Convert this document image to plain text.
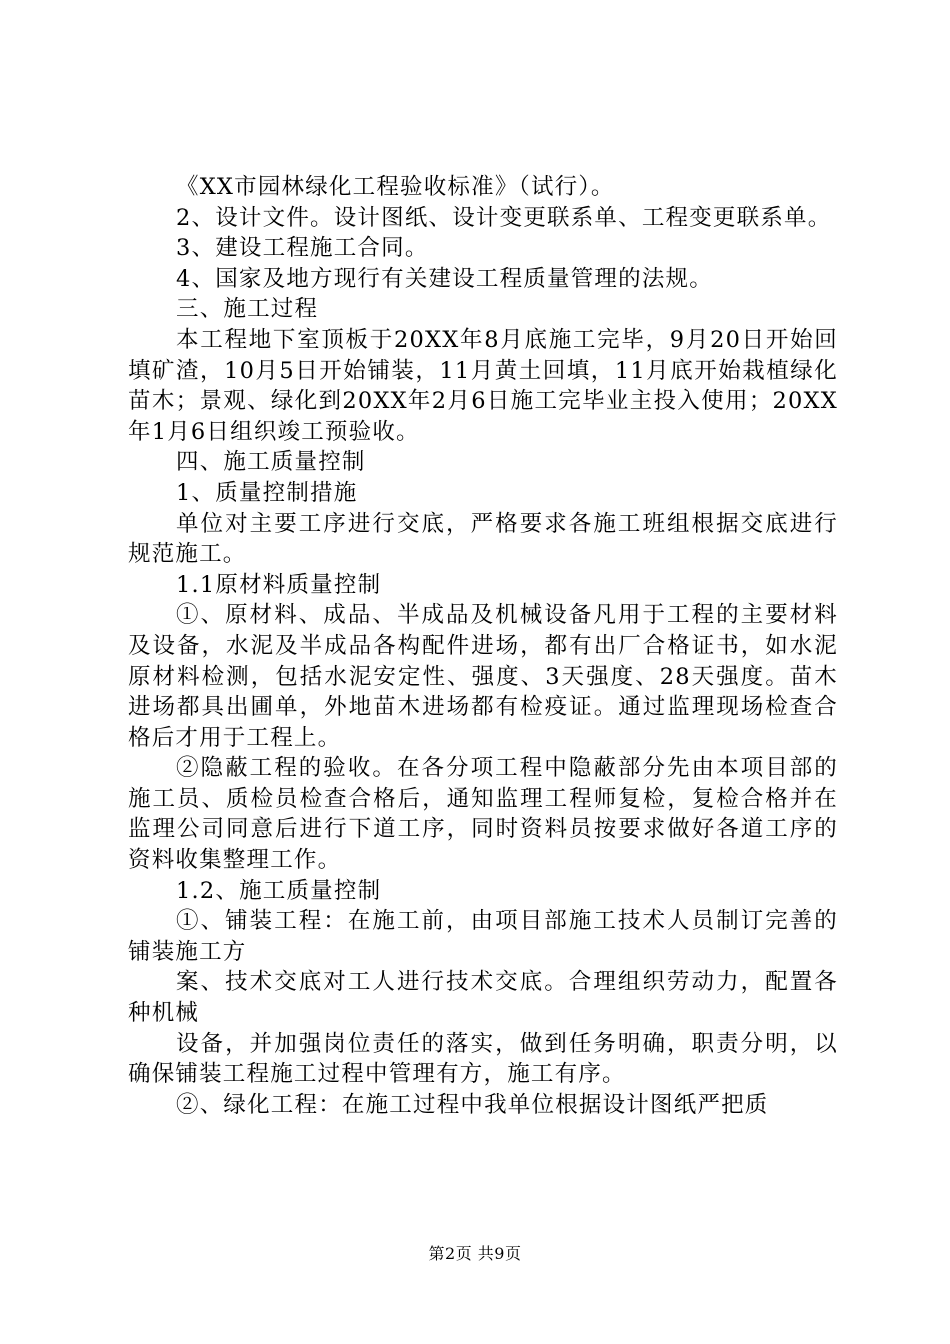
《XX市园林绿化工程验收标准》（试行）。

2、设计文件。设计图纸、设计变更联系单、工程变更联系单。

3、建设工程施工合同。

4、国家及地方现行有关建设工程质量管理的法规。

三、施工过程

本工程地下室顶板于20XX年8月底施工完毕，9月20日开始回填矿渣，10月5日开始铺装，11月黄土回填，11月底开始栽植绿化苗木；景观、绿化到20XX年2月6日施工完毕业主投入使用；20XX年1月6日组织竣工预验收。

四、施工质量控制

1、质量控制措施

单位对主要工序进行交底，严格要求各施工班组根据交底进行规范施工。

1.1原材料质量控制

①、原材料、成品、半成品及机械设备凡用于工程的主要材料及设备，水泥及半成品各构配件进场，都有出厂合格证书，如水泥原材料检测，包括水泥安定性、强度、3天强度、28天强度。苗木进场都具出圃单，外地苗木进场都有检疫证。通过监理现场检查合格后才用于工程上。

②隐蔽工程的验收。在各分项工程中隐蔽部分先由本项目部的施工员、质检员检查合格后，通知监理工程师复检，复检合格并在监理公司同意后进行下道工序，同时资料员按要求做好各道工序的资料收集整理工作。

1.2、施工质量控制

①、铺装工程：在施工前，由项目部施工技术人员制订完善的铺装施工方

案、技术交底对工人进行技术交底。合理组织劳动力，配置各种机械

设备，并加强岗位责任的落实，做到任务明确，职责分明，以确保铺装工程施工过程中管理有方，施工有序。

②、绿化工程：在施工过程中我单位根据设计图纸严把质

第2页 共9页
